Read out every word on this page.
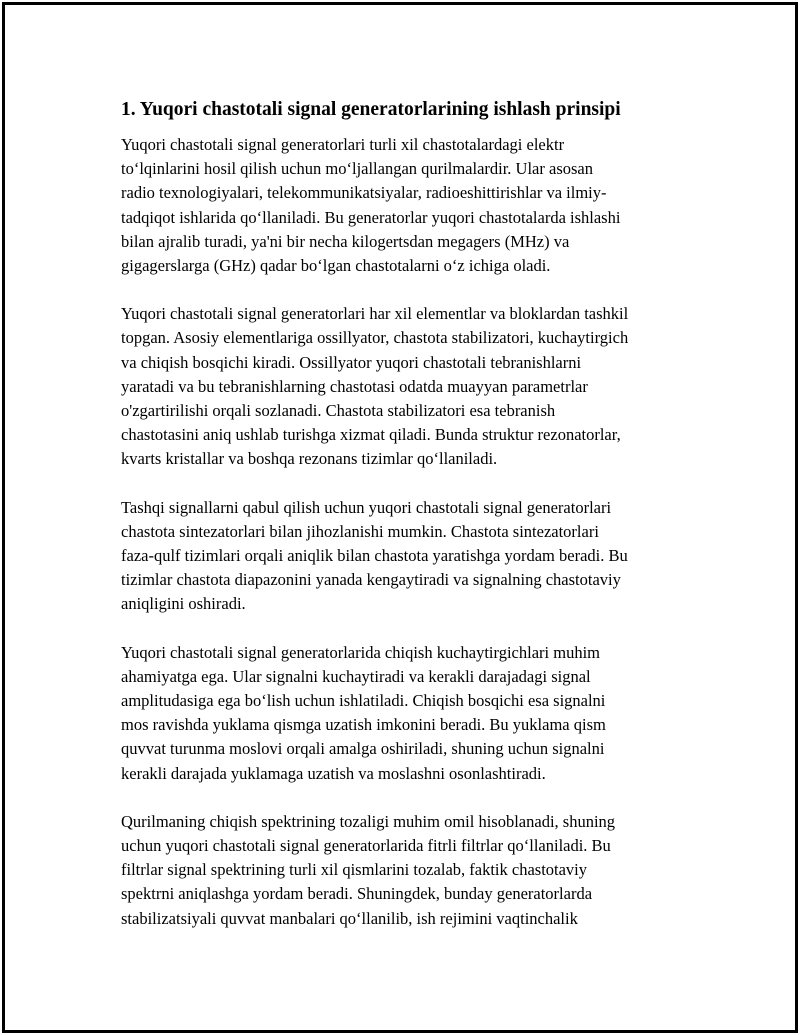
1. Yuqori chastotali signal generatorlarining ishlash prinsipi
Yuqori chastotali signal generatorlari turli xil chastotalardagi elektr
to‘lqinlarini hosil qilish uchun mo‘ljallangan qurilmalardir. Ular asosan
radio texnologiyalari, telekommunikatsiyalar, radioeshittirishlar va ilmiy-
tadqiqot ishlarida qo‘llaniladi. Bu generatorlar yuqori chastotalarda ishlashi
bilan ajralib turadi, ya'ni bir necha kilogertsdan megagers (MHz) va
gigagerslarga (GHz) qadar bo‘lgan chastotalarni o‘z ichiga oladi.
Yuqori chastotali signal generatorlari har xil elementlar va bloklardan tashkil
topgan. Asosiy elementlariga ossillyator, chastota stabilizatori, kuchaytirgich
va chiqish bosqichi kiradi. Ossillyator yuqori chastotali tebranishlarni
yaratadi va bu tebranishlarning chastotasi odatda muayyan parametrlar
o'zgartirilishi orqali sozlanadi. Chastota stabilizatori esa tebranish
chastotasini aniq ushlab turishga xizmat qiladi. Bunda struktur rezonatorlar,
kvarts kristallar va boshqa rezonans tizimlar qo‘llaniladi.
Tashqi signallarni qabul qilish uchun yuqori chastotali signal generatorlari
chastota sintezatorlari bilan jihozlanishi mumkin. Chastota sintezatorlari
faza-qulf tizimlari orqali aniqlik bilan chastota yaratishga yordam beradi. Bu
tizimlar chastota diapazonini yanada kengaytiradi va signalning chastotaviy
aniqligini oshiradi.
Yuqori chastotali signal generatorlarida chiqish kuchaytirgichlari muhim
ahamiyatga ega. Ular signalni kuchaytiradi va kerakli darajadagi signal
amplitudasiga ega bo‘lish uchun ishlatiladi. Chiqish bosqichi esa signalni
mos ravishda yuklama qismga uzatish imkonini beradi. Bu yuklama qism
quvvat turunma moslovi orqali amalga oshiriladi, shuning uchun signalni
kerakli darajada yuklamaga uzatish va moslashni osonlashtiradi.
Qurilmaning chiqish spektrining tozaligi muhim omil hisoblanadi, shuning
uchun yuqori chastotali signal generatorlarida fitrli filtrlar qo‘llaniladi. Bu
filtrlar signal spektrining turli xil qismlarini tozalab, faktik chastotaviy
spektrni aniqlashga yordam beradi. Shuningdek, bunday generatorlarda
stabilizatsiyali quvvat manbalari qo‘llanilib, ish rejimini vaqtinchalik
